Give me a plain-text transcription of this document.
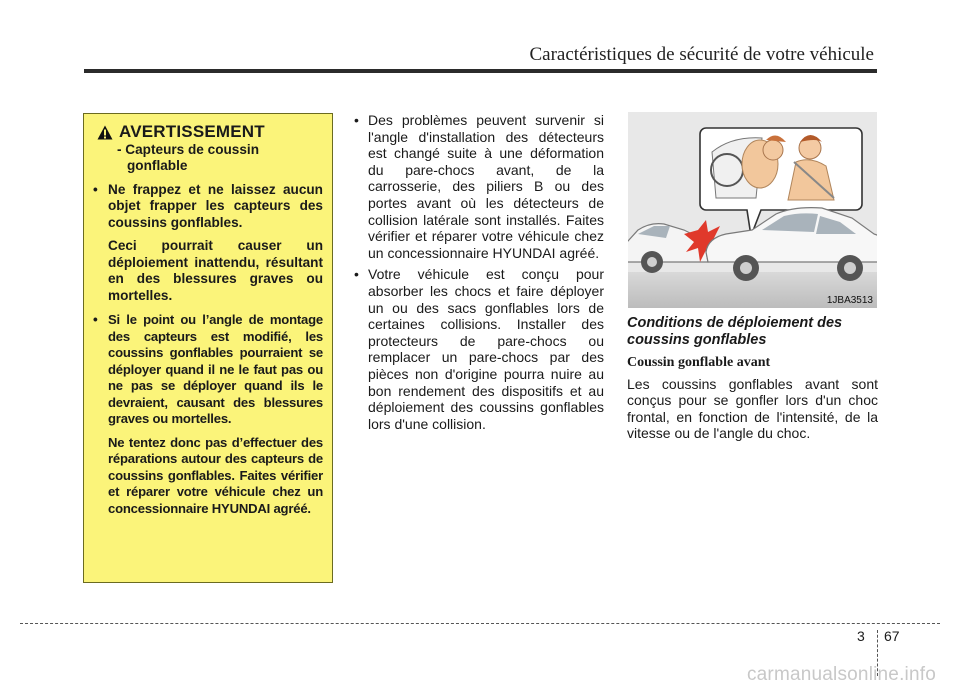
Caractéristiques de sécurité de votre véhicule
AVERTISSEMENT
- Capteurs de coussin gonflable
• Ne frappez et ne laissez aucun objet frapper les capteurs des coussins gonflables.

Ceci pourrait causer un déploiement inattendu, résultant en des blessures graves ou mortelles.

• Si le point ou l’angle de montage des capteurs est modifié, les coussins gonflables pourraient se déployer quand il ne le faut pas ou ne pas se déployer quand ils le devraient, causant des blessures graves ou mortelles.

Ne tentez donc pas d’effectuer des réparations autour des capteurs de coussins gonflables. Faites vérifier et réparer votre véhicule chez un concessionnaire HYUNDAI agréé.

• Des problèmes peuvent survenir si l'angle d'installation des détecteurs est changé suite à une déformation du pare-chocs avant, de la carrosserie, des piliers B ou des portes avant où les détecteurs de collision latérale sont installés. Faites vérifier et réparer votre véhicule chez un concessionnaire HYUNDAI agréé.
• Votre véhicule est conçu pour absorber les chocs et faire déployer un ou des sacs gonflables lors de certaines collisions. Installer des protecteurs de pare-chocs ou remplacer un pare-chocs par des pièces non d'origine pourra nuire au bon rendement des dispositifs et au déploiement des coussins gonflables lors d'une collision.
1JBA3513
Conditions de déploiement des coussins gonflables
Coussin gonflable avant

Les coussins gonflables avant sont conçus pour se gonfler lors d'un choc frontal, en fonction de l'intensité, de la vitesse ou de l'angle du choc.

3 67
carmanualsonline.info
